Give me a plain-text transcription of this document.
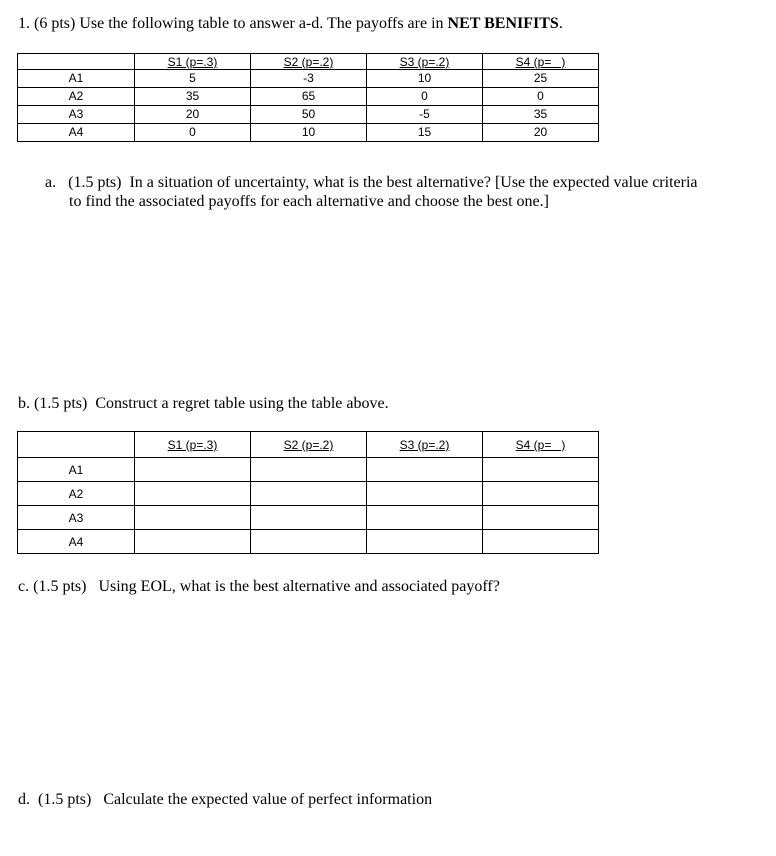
1. (6 pts) Use the following table to answer a-d. The payoffs are in NET BENIFITS.
	S1 (p=.3)	S2 (p=.2)	S3 (p=.2)	S4 (p=   )
A1	5	-3	10	25
A2	35	65	0	0
A3	20	50	-5	35
A4	0	10	15	20
a. (1.5 pts) In a situation of uncertainty, what is the best alternative? [Use the expected value criteria
to find the associated payoffs for each alternative and choose the best one.]
b. (1.5 pts) Construct a regret table using the table above.
	S1 (p=.3)	S2 (p=.2)	S3 (p=.2)	S4 (p=   )
A1				
A2				
A3				
A4				
c. (1.5 pts) Using EOL, what is the best alternative and associated payoff?
d. (1.5 pts) Calculate the expected value of perfect information
